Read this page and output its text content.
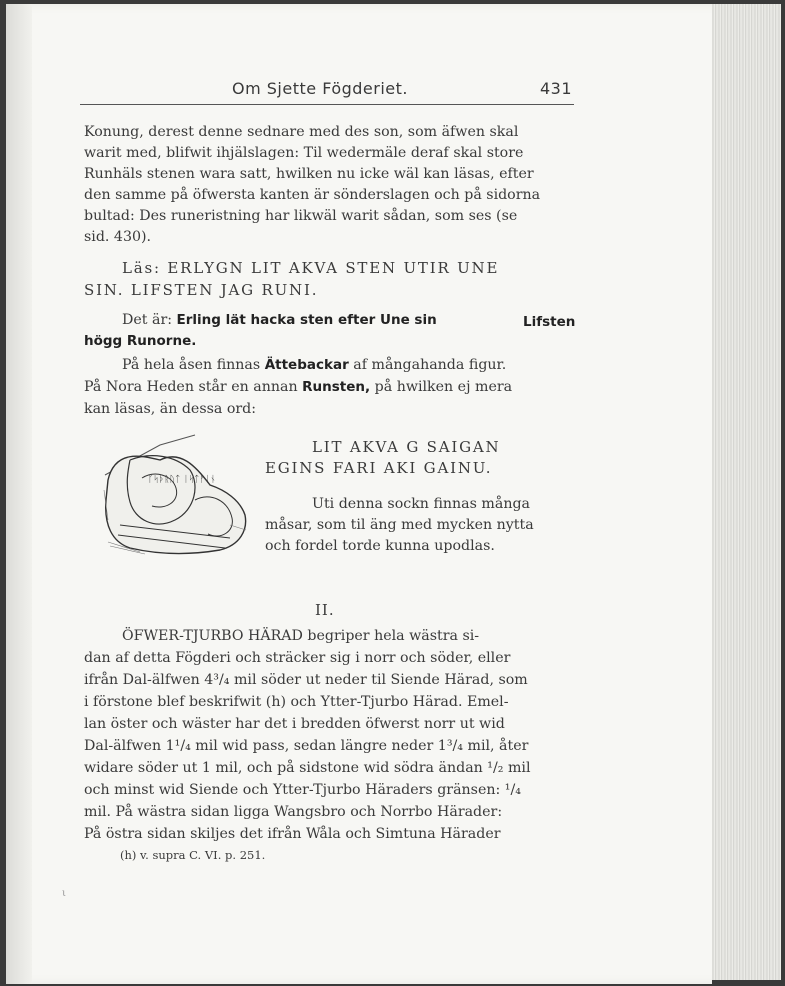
Om Sjette Fögderiet.	431
Konung, derest denne sednare med des son, som äfwen skal
warit med, blifwit ihjälslagen: Til wedermäle deraf skal store
Runhäls stenen wara satt, hwilken nu icke wäl kan läsas, efter
den samme på öfwersta kanten är sönderslagen och på sidorna
bultad: Des runeristning har likwäl warit sådan, som ses (se
sid. 430).
Läs: ERLYGN LIT AKVA STEN UTIR UNE
SIN. LIFSTEN JAG RUNI.
Det är: Erling lät hacka sten efter Une sin	Lifsten
högg Runorne.
På hela åsen finnas Ättebackar af mångahanda figur.
På Nora Heden står en annan Runsten, på hwilken ej mera
kan läsas, än dessa ord:
ᚴᛋᚦᚱᚢᛏ ᛁᛋᛏᚠᛁᚾ
LIT AKVA G SAIGAN
EGINS FARI AKI GAINU.
Uti denna sockn finnas många
måsar, som til äng med mycken nytta
och fordel torde kunna upodlas.
II.
ÖFWER-TJURBO HÄRAD begriper hela wästra si-
dan af detta Fögderi och sträcker sig i norr och söder, eller
ifrån Dal-älfwen 4³/₄ mil söder ut neder til Siende Härad, som
i förstone blef beskrifwit (h) och Ytter-Tjurbo Härad. Emel-
lan öster och wäster har det i bredden öfwerst norr ut wid
Dal-älfwen 1¹/₄ mil wid pass, sedan längre neder 1³/₄ mil, åter
widare söder ut 1 mil, och på sidstone wid södra ändan ¹/₂ mil
och minst wid Siende och Ytter-Tjurbo Häraders gränsen: ¹/₄
mil. På wästra sidan ligga Wangsbro och Norrbo Härader:
På östra sidan skiljes det ifrån Wåla och Simtuna Härader
(h) v. supra C. VI. p. 251.
ι
